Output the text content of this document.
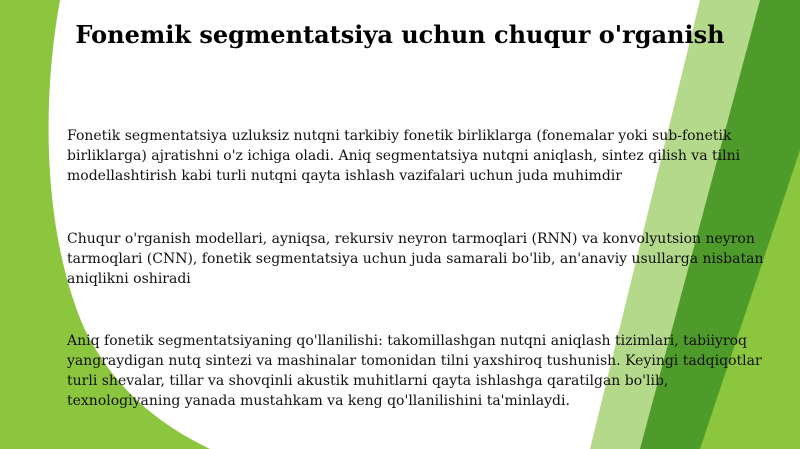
Fonemik segmentatsiya uchun chuqur o'rganish

Fonetik segmentatsiya uzluksiz nutqni tarkibiy fonetik birliklarga (fonemalar yoki sub-fonetik birliklarga) ajratishni o'z ichiga oladi. Aniq segmentatsiya nutqni aniqlash, sintez qilish va tilni modellashtirish kabi turli nutqni qayta ishlash vazifalari uchun juda muhimdir

Chuqur o'rganish modellari, ayniqsa, rekursiv neyron tarmoqlari (RNN) va konvolyutsion neyron tarmoqlari (CNN), fonetik segmentatsiya uchun juda samarali bo'lib, an'anaviy usullarga nisbatan aniqlikni oshiradi

Aniq fonetik segmentatsiyaning qo'llanilishi: takomillashgan nutqni aniqlash tizimlari, tabiiyroq yangraydigan nutq sintezi va mashinalar tomonidan tilni yaxshiroq tushunish. Keyingi tadqiqotlar turli shevalar, tillar va shovqinli akustik muhitlarni qayta ishlashga qaratilgan bo'lib, texnologiyaning yanada mustahkam va keng qo'llanilishini ta'minlaydi.
